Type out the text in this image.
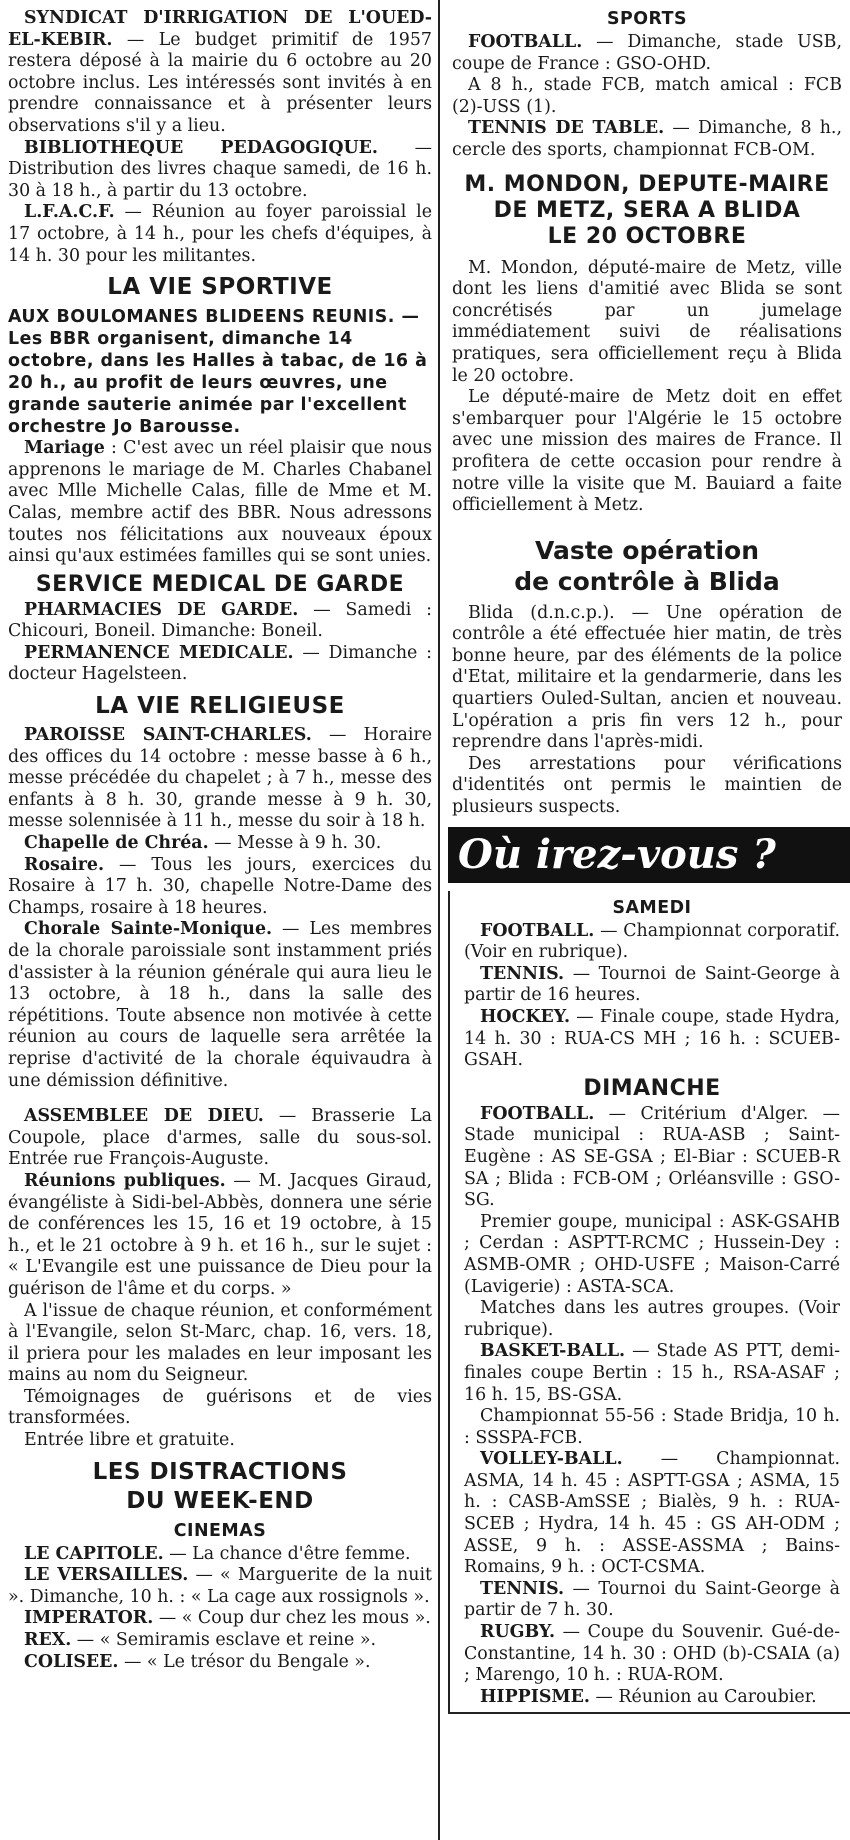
SYNDICAT D'IRRIGATION DE L'OUED-EL-KEBIR. — Le budget primitif de 1957 restera déposé à la mairie du 6 octobre au 20 octobre inclus. Les intéressés sont invités à en prendre connaissance et à présenter leurs observations s'il y a lieu.

BIBLIOTHEQUE PEDAGOGIQUE. — Distribution des livres chaque samedi, de 16 h. 30 à 18 h., à partir du 13 octobre.

L.F.A.C.F. — Réunion au foyer paroissial le 17 octobre, à 14 h., pour les chefs d'équipes, à 14 h. 30 pour les militantes.

LA VIE SPORTIVE

AUX BOULOMANES BLIDEENS REUNIS. — Les BBR organisent, dimanche 14 octobre, dans les Halles à tabac, de 16 à 20 h., au profit de leurs œuvres, une grande sauterie animée par l'excellent orchestre Jo Barousse.

Mariage : C'est avec un réel plaisir que nous apprenons le mariage de M. Charles Chabanel avec Mlle Michelle Calas, fille de Mme et M. Calas, membre actif des BBR. Nous adressons toutes nos félicitations aux nouveaux époux ainsi qu'aux estimées familles qui se sont unies.

SERVICE MEDICAL DE GARDE

PHARMACIES DE GARDE. — Samedi : Chicouri, Boneil. Dimanche: Boneil.

PERMANENCE MEDICALE. — Dimanche : docteur Hagelsteen.

LA VIE RELIGIEUSE

PAROISSE SAINT-CHARLES. — Horaire des offices du 14 octobre : messe basse à 6 h., messe précédée du chapelet ; à 7 h., messe des enfants à 8 h. 30, grande messe à 9 h. 30, messe solennisée à 11 h., messe du soir à 18 h.

Chapelle de Chréa. — Messe à 9 h. 30.

Rosaire. — Tous les jours, exercices du Rosaire à 17 h. 30, chapelle Notre-Dame des Champs, rosaire à 18 heures.

Chorale Sainte-Monique. — Les membres de la chorale paroissiale sont instamment priés d'assister à la réunion générale qui aura lieu le 13 octobre, à 18 h., dans la salle des répétitions. Toute absence non motivée à cette réunion au cours de laquelle sera arrêtée la reprise d'activité de la chorale équivaudra à une démission définitive.

ASSEMBLEE DE DIEU. — Brasserie La Coupole, place d'armes, salle du sous-sol. Entrée rue François-Auguste.

Réunions publiques. — M. Jacques Giraud, évangéliste à Sidi-bel-Abbès, donnera une série de conférences les 15, 16 et 19 octobre, à 15 h., et le 21 octobre à 9 h. et 16 h., sur le sujet : « L'Evangile est une puissance de Dieu pour la guérison de l'âme et du corps. »

A l'issue de chaque réunion, et conformément à l'Evangile, selon St-Marc, chap. 16, vers. 18, il priera pour les malades en leur imposant les mains au nom du Seigneur.

Témoignages de guérisons et de vies transformées.

Entrée libre et gratuite.

LES DISTRACTIONS
DU WEEK-END
CINEMAS

LE CAPITOLE. — La chance d'être femme.

LE VERSAILLES. — « Marguerite de la nuit ». Dimanche, 10 h. : « La cage aux rossignols ».

IMPERATOR. — « Coup dur chez les mous ».

REX. — « Semiramis esclave et reine ».

COLISEE. — « Le trésor du Bengale ».

SPORTS

FOOTBALL. — Dimanche, stade USB, coupe de France : GSO-OHD.

A 8 h., stade FCB, match amical : FCB (2)-USS (1).

TENNIS DE TABLE. — Dimanche, 8 h., cercle des sports, championnat FCB-OM.

M. MONDON, DEPUTE-MAIRE
DE METZ, SERA A BLIDA
LE 20 OCTOBRE

M. Mondon, député-maire de Metz, ville dont les liens d'amitié avec Blida se sont concrétisés par un jumelage immédiatement suivi de réalisations pratiques, sera officiellement reçu à Blida le 20 octobre.

Le député-maire de Metz doit en effet s'embarquer pour l'Algérie le 15 octobre avec une mission des maires de France. Il profitera de cette occasion pour rendre à notre ville la visite que M. Bauiard a faite officiellement à Metz.

Vaste opération
de contrôle à Blida

Blida (d.n.c.p.). — Une opération de contrôle a été effectuée hier matin, de très bonne heure, par des éléments de la police d'Etat, militaire et la gendarmerie, dans les quartiers Ouled-Sultan, ancien et nouveau. L'opération a pris fin vers 12 h., pour reprendre dans l'après-midi.

Des arrestations pour vérifications d'identités ont permis le maintien de plusieurs suspects.

Où irez-vous ?
SAMEDI

FOOTBALL. — Championnat corporatif. (Voir en rubrique).

TENNIS. — Tournoi de Saint-George à partir de 16 heures.

HOCKEY. — Finale coupe, stade Hydra, 14 h. 30 : RUA-CS MH ; 16 h. : SCUEB-GSAH.

DIMANCHE

FOOTBALL. — Critérium d'Alger. — Stade municipal : RUA-ASB ; Saint-Eugène : AS SE-GSA ; El-Biar : SCUEB-R SA ; Blida : FCB-OM ; Orléansville : GSO-SG.

Premier goupe, municipal : ASK-GSAHB ; Cerdan : ASPTT-RCMC ; Hussein-Dey : ASMB-OMR ; OHD-USFE ; Maison-Carré (Lavigerie) : ASTA-SCA.

Matches dans les autres groupes. (Voir rubrique).

BASKET-BALL. — Stade AS PTT, demi-finales coupe Bertin : 15 h., RSA-ASAF ; 16 h. 15, BS-GSA.

Championnat 55-56 : Stade Bridja, 10 h. : SSSPA-FCB.

VOLLEY-BALL. — Championnat. ASMA, 14 h. 45 : ASPTT-GSA ; ASMA, 15 h. : CASB-AmSSE ; Bialès, 9 h. : RUA-SCEB ; Hydra, 14 h. 45 : GS AH-ODM ; ASSE, 9 h. : ASSE-ASSMA ; Bains-Romains, 9 h. : OCT-CSMA.

TENNIS. — Tournoi du Saint-George à partir de 7 h. 30.

RUGBY. — Coupe du Souvenir. Gué-de-Constantine, 14 h. 30 : OHD (b)-CSAIA (a) ; Marengo, 10 h. : RUA-ROM.

HIPPISME. — Réunion au Caroubier.
